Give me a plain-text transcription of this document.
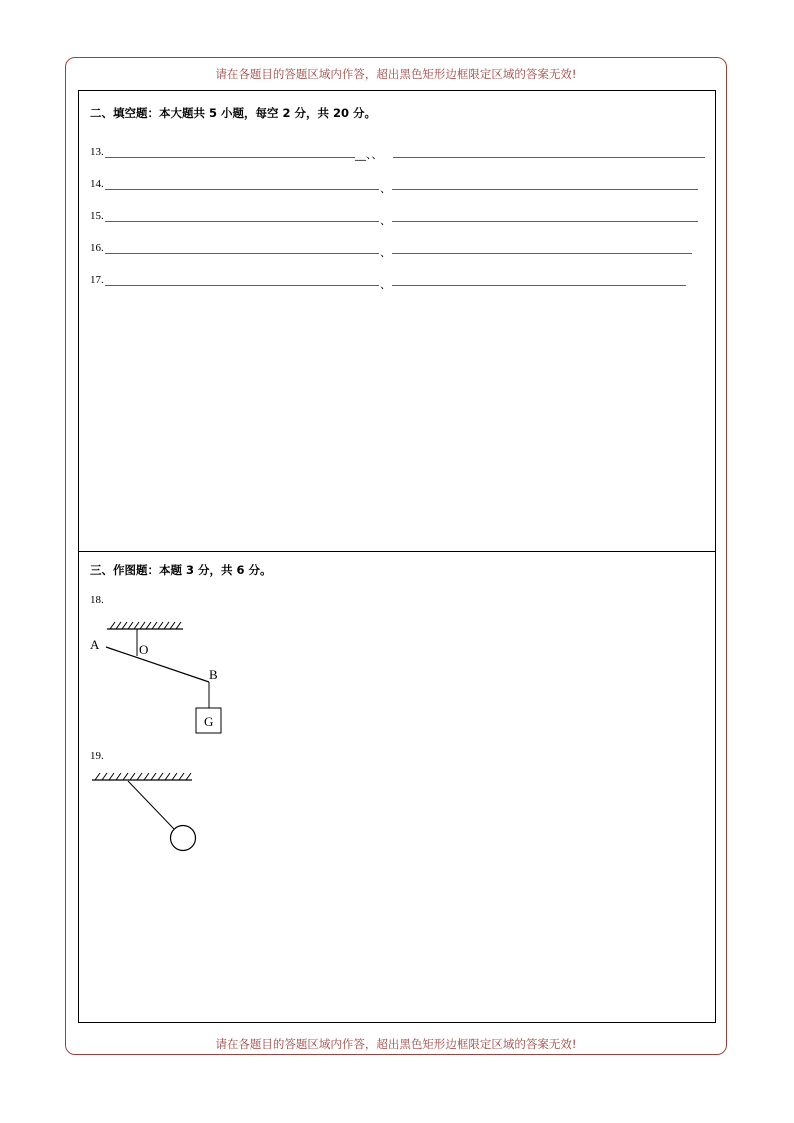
请在各题目的答题区域内作答，超出黑色矩形边框限定区域的答案无效!
二、填空题：本大题共 5 小题，每空 2 分，共 20 分。
13.	__、、
14.	、
15.	、
16.	、
17.	、
三、作图题：本题 3 分，共 6 分。
18.
A	O
B
G
19.
请在各题目的答题区域内作答，超出黑色矩形边框限定区域的答案无效!
